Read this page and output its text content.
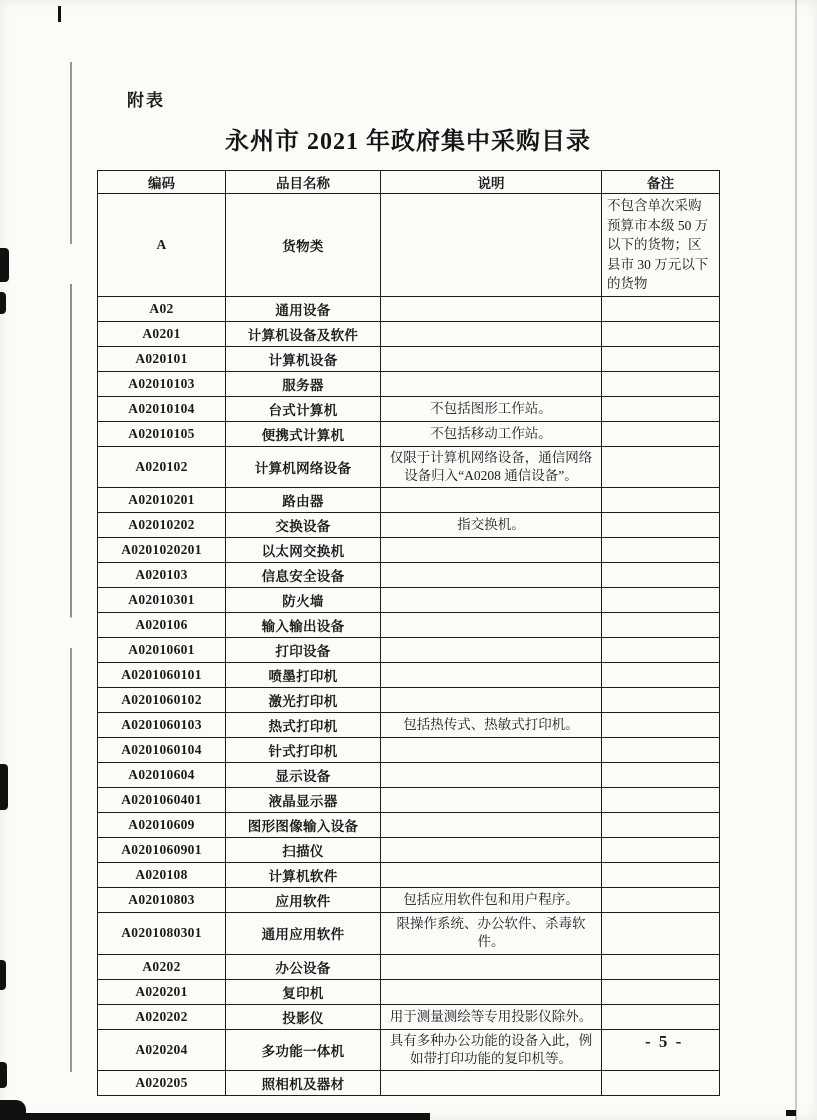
附表
永州市 2021 年政府集中采购目录
编码	品目名称	说明	备注
A	货物类		不包含单次采购预算市本级 50 万以下的货物；区县市 30 万元以下的货物
A02	通用设备		
A0201	计算机设备及软件		
A020101	计算机设备		
A02010103	服务器		
A02010104	台式计算机	不包括图形工作站。	
A02010105	便携式计算机	不包括移动工作站。	
A020102	计算机网络设备	仅限于计算机网络设备，通信网络设备归入“A0208 通信设备”。	
A02010201	路由器		
A02010202	交换设备	指交换机。	
A0201020201	以太网交换机		
A020103	信息安全设备		
A02010301	防火墙		
A020106	输入输出设备		
A02010601	打印设备		
A0201060101	喷墨打印机		
A0201060102	激光打印机		
A0201060103	热式打印机	包括热传式、热敏式打印机。	
A0201060104	针式打印机		
A02010604	显示设备		
A0201060401	液晶显示器		
A02010609	图形图像输入设备		
A0201060901	扫描仪		
A020108	计算机软件		
A02010803	应用软件	包括应用软件包和用户程序。	
A0201080301	通用应用软件	限操作系统、办公软件、杀毒软件。	
A0202	办公设备		
A020201	复印机		
A020202	投影仪	用于测量测绘等专用投影仪除外。	
A020204	多功能一体机	具有多种办公功能的设备入此，例如带打印功能的复印机等。	
A020205	照相机及器材		
- 5 -
